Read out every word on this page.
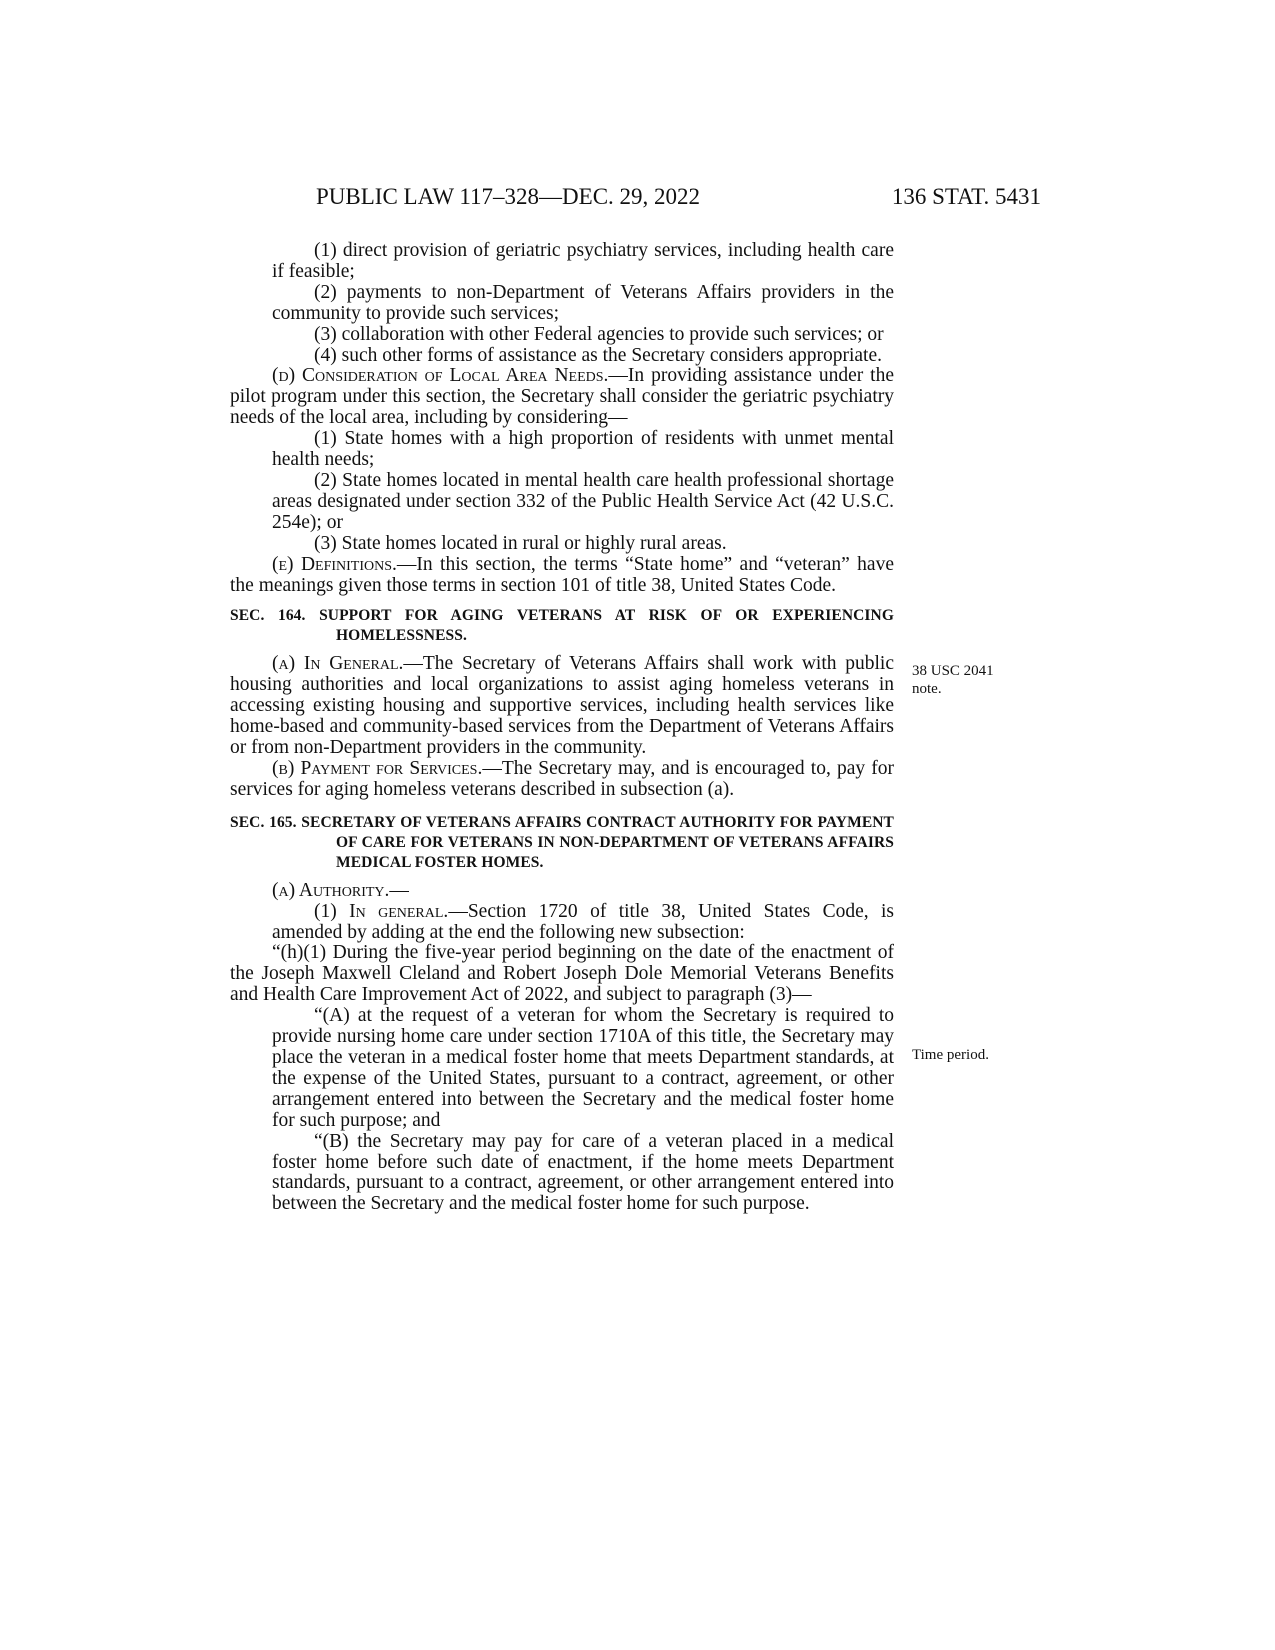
PUBLIC LAW 117–328—DEC. 29, 2022	136 STAT. 5431

(1) direct provision of geriatric psychiatry services, including health care if feasible;

(2) payments to non-Department of Veterans Affairs providers in the community to provide such services;

(3) collaboration with other Federal agencies to provide such services; or

(4) such other forms of assistance as the Secretary considers appropriate.

(d) Consideration of Local Area Needs.—In providing assistance under the pilot program under this section, the Secretary shall consider the geriatric psychiatry needs of the local area, including by considering—

(1) State homes with a high proportion of residents with unmet mental health needs;

(2) State homes located in mental health care health professional shortage areas designated under section 332 of the Public Health Service Act (42 U.S.C. 254e); or

(3) State homes located in rural or highly rural areas.

(e) Definitions.—In this section, the terms “State home” and “veteran” have the meanings given those terms in section 101 of title 38, United States Code.

SEC. 164. SUPPORT FOR AGING VETERANS AT RISK OF OR EXPERIENCING HOMELESSNESS.

(a) In General.—The Secretary of Veterans Affairs shall work with public housing authorities and local organizations to assist aging homeless veterans in accessing existing housing and supportive services, including health services like home-based and community-based services from the Department of Veterans Affairs or from non-Department providers in the community.

(b) Payment for Services.—The Secretary may, and is encouraged to, pay for services for aging homeless veterans described in subsection (a).

SEC. 165. SECRETARY OF VETERANS AFFAIRS CONTRACT AUTHORITY FOR PAYMENT OF CARE FOR VETERANS IN NON-DEPARTMENT OF VETERANS AFFAIRS MEDICAL FOSTER HOMES.

(a) Authority.—

(1) In general.—Section 1720 of title 38, United States Code, is amended by adding at the end the following new subsection:

“(h)(1) During the five-year period beginning on the date of the enactment of the Joseph Maxwell Cleland and Robert Joseph Dole Memorial Veterans Benefits and Health Care Improvement Act of 2022, and subject to paragraph (3)—

“(A) at the request of a veteran for whom the Secretary is required to provide nursing home care under section 1710A of this title, the Secretary may place the veteran in a medical foster home that meets Department standards, at the expense of the United States, pursuant to a contract, agreement, or other arrangement entered into between the Secretary and the medical foster home for such purpose; and

“(B) the Secretary may pay for care of a veteran placed in a medical foster home before such date of enactment, if the home meets Department standards, pursuant to a contract, agreement, or other arrangement entered into between the Secretary and the medical foster home for such purpose.

38 USC 2041 note.
Time period.
